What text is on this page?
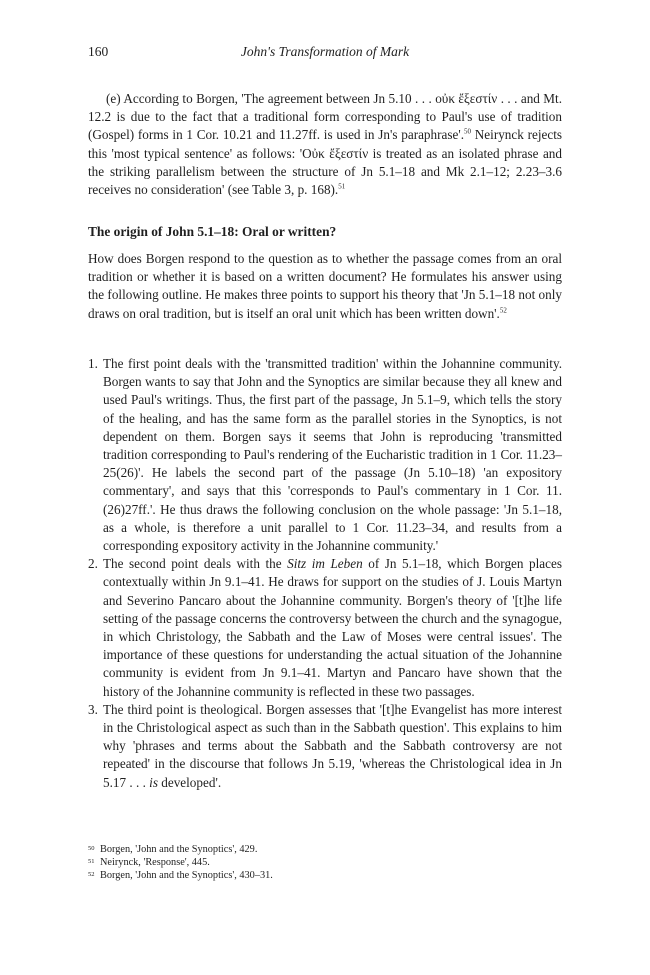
160	John's Transformation of Mark

(e) According to Borgen, 'The agreement between Jn 5.10 . . . οὐκ ἔξεστίν . . . and Mt. 12.2 is due to the fact that a traditional form corresponding to Paul's use of tradition (Gospel) forms in 1 Cor. 10.21 and 11.27ff. is used in Jn's paraphrase'.$^{50}$ Neirynck rejects this 'most typical sentence' as follows: 'Οὐκ ἔξεστίν is treated as an isolated phrase and the striking parallelism between the structure of Jn 5.1–18 and Mk 2.1–12; 2.23–3.6 receives no consideration' (see Table 3, p. 168).$^{51}$

The origin of John 5.1–18: Oral or written?

How does Borgen respond to the question as to whether the passage comes from an oral tradition or whether it is based on a written document? He formulates his answer using the following outline. He makes three points to support his theory that 'Jn 5.1–18 not only draws on oral tradition, but is itself an oral unit which has been written down'.$^{52}$

1. The first point deals with the 'transmitted tradition' within the Johannine community. Borgen wants to say that John and the Synoptics are similar because they all knew and used Paul's writings. Thus, the first part of the passage, Jn 5.1–9, which tells the story of the healing, and has the same form as the parallel stories in the Synoptics, is not dependent on them. Borgen says it seems that John is reproducing 'transmitted tradition corresponding to Paul's rendering of the Eucharistic tradition in 1 Cor. 11.23–25(26)'. He labels the second part of the passage (Jn 5.10–18) 'an expository commentary', and says that this 'corresponds to Paul's commentary in 1 Cor. 11.(26)27ff.'. He thus draws the following conclusion on the whole passage: 'Jn 5.1–18, as a whole, is therefore a unit parallel to 1 Cor. 11.23–34, and results from a corresponding expository activity in the Johannine community.'
2. The second point deals with the Sitz im Leben of Jn 5.1–18, which Borgen places contextually within Jn 9.1–41. He draws for support on the studies of J. Louis Martyn and Severino Pancaro about the Johannine community. Borgen's theory of '[t]he life setting of the passage concerns the controversy between the church and the synagogue, in which Christology, the Sabbath and the Law of Moses were central issues'. The importance of these questions for understanding the actual situation of the Johannine community is evident from Jn 9.1–41. Martyn and Pancaro have shown that the history of the Johannine community is reflected in these two passages.
3. The third point is theological. Borgen assesses that '[t]he Evangelist has more interest in the Christological aspect as such than in the Sabbath question'. This explains to him why 'phrases and terms about the Sabbath and the Sabbath controversy are not repeated' in the discourse that follows Jn 5.19, 'whereas the Christological idea in Jn 5.17 . . . is developed'.
50 Borgen, 'John and the Synoptics', 429.
51 Neirynck, 'Response', 445.
52 Borgen, 'John and the Synoptics', 430–31.
